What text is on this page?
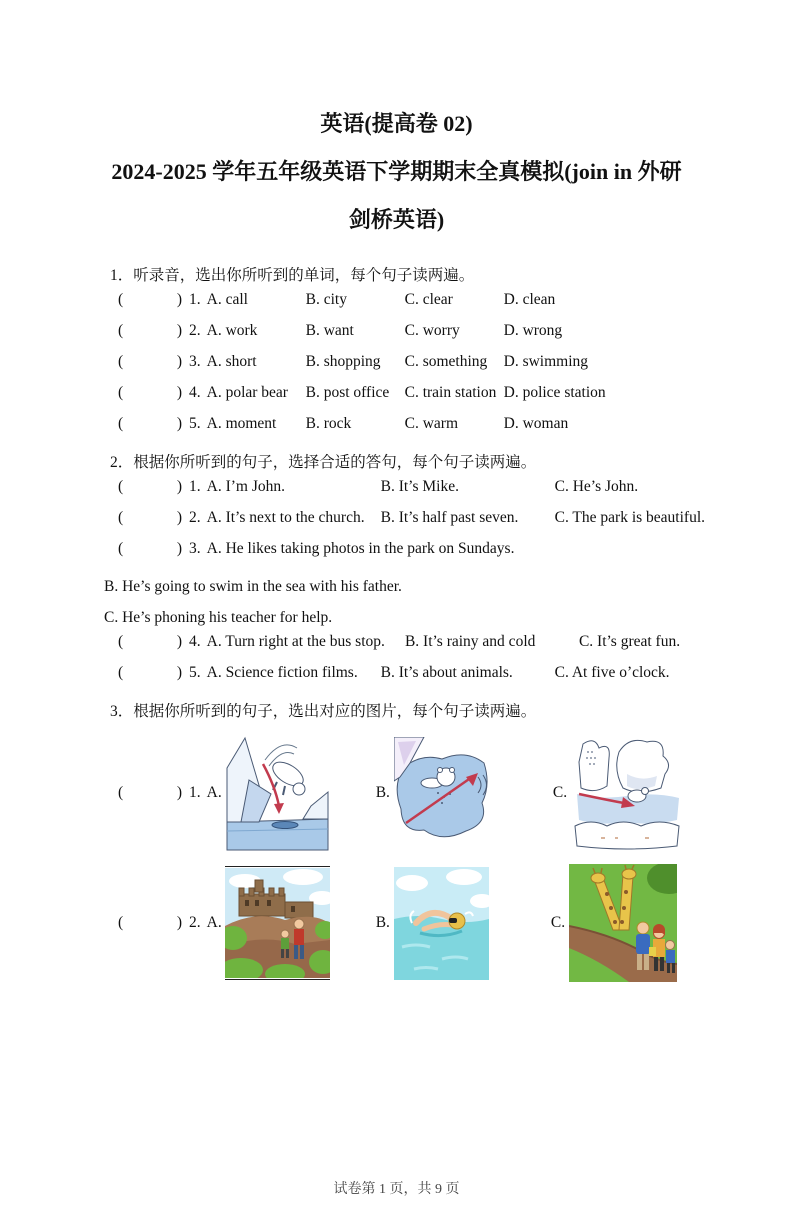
英语(提高卷 02)
2024-2025 学年五年级英语下学期期末全真模拟(join in 外研
剑桥英语)
1．听录音，选出你所听到的单词，每个句子读两遍。
(	) 1. A. call	B. city	C. clear	D. clean
(	) 2. A. work	B. want	C. worry	D. wrong
(	) 3. A. short	B. shopping	C. something	D. swimming
(	) 4. A. polar bear	B. post office C. train station D. police station
(	) 5. A. moment	B. rock	C. warm	D. woman
2．根据你所听到的句子，选择合适的答句，每个句子读两遍。
(	) 1. A. I’m John.	B. It’s Mike.	C. He’s John.
(	) 2. A. It’s next to the church. B. It’s half past seven.	C. The park is beautiful.
(	) 3. A. He likes taking photos in the park on Sundays.
B. He’s going to swim in the sea with his father.
C. He’s phoning his teacher for help.
(	) 4. A. Turn right at the bus stop. B. It’s rainy and cold	C. It’s great fun.
(	) 5. A. Science fiction films. B. It’s about animals.	C. At five o’clock.
3．根据你所听到的句子，选出对应的图片，每个句子读两遍。
(	) 1. A.	B.	C.
(	) 2. A.	B.	C.
试卷第 1 页，共 9 页
